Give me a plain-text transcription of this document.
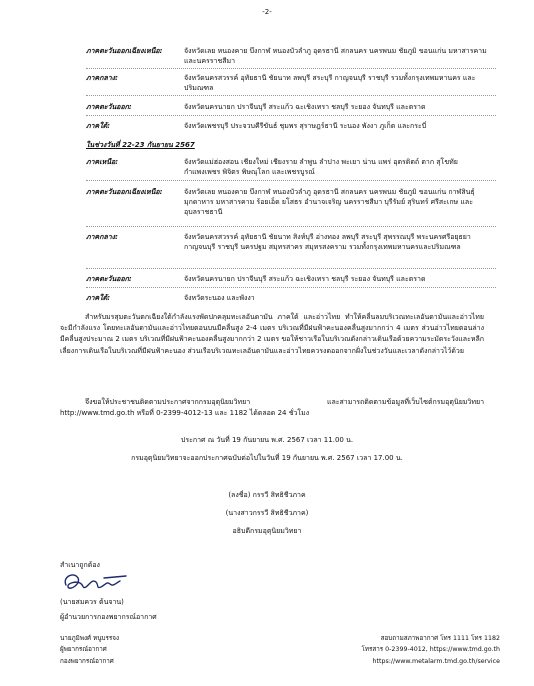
-2-
ภาคตะวันออกเฉียงเหนือ:	จังหวัดเลย หนองคาย บึงกาฬ หนองบัวลำภู อุดรธานี สกลนคร นครพนม ชัยภูมิ ขอนแก่น มหาสารคาม และนครราชสีมา
ภาคกลาง:	จังหวัดนครสวรรค์ อุทัยธานี ชัยนาท ลพบุรี สระบุรี กาญจนบุรี ราชบุรี รวมทั้งกรุงเทพมหานคร และปริมณฑล
ภาคตะวันออก:	จังหวัดนครนายก ปราจีนบุรี สระแก้ว ฉะเชิงเทรา ชลบุรี ระยอง จันทบุรี และตราด
ภาคใต้:	จังหวัดเพชรบุรี ประจวบคีรีขันธ์ ชุมพร สุราษฎร์ธานี ระนอง พังงา ภูเก็ต และกระบี่
ในช่วงวันที่ 22-23 กันยายน 2567
ภาคเหนือ:	จังหวัดแม่ฮ่องสอน เชียงใหม่ เชียงราย ลำพูน ลำปาง พะเยา น่าน แพร่ อุตรดิตถ์ ตาก สุโขทัย กำแพงเพชร พิจิตร พิษณุโลก และเพชรบูรณ์
ภาคตะวันออกเฉียงเหนือ:	จังหวัดเลย หนองคาย บึงกาฬ หนองบัวลำภู อุดรธานี สกลนคร นครพนม ชัยภูมิ ขอนแก่น กาฬสินธุ์ มุกดาหาร มหาสารคาม ร้อยเอ็ด ยโสธร อำนาจเจริญ นครราชสีมา บุรีรัมย์ สุรินทร์ ศรีสะเกษ และอุบลราชธานี
ภาคกลาง:	จังหวัดนครสวรรค์ อุทัยธานี ชัยนาท สิงห์บุรี อ่างทอง ลพบุรี สระบุรี สุพรรณบุรี พระนครศรีอยุธยา กาญจนบุรี ราชบุรี นครปฐม สมุทรสาคร สมุทรสงคราม รวมทั้งกรุงเทพมหานครและปริมณฑล
ภาคตะวันออก:	จังหวัดนครนายก ปราจีนบุรี สระแก้ว ฉะเชิงเทรา ชลบุรี ระยอง จันทบุรี และตราด
ภาคใต้:	จังหวัดระนอง และพังงา
สำหรับมรสุมตะวันตกเฉียงใต้กำลังแรงพัดปกคลุมทะเลอันดามัน ภาคใต้ และอ่าวไทย ทำให้คลื่นลมบริเวณทะเลอันดามันและอ่าวไทยจะมีกำลังแรง โดยทะเลอันดามันและอ่าวไทยตอนบนมีคลื่นสูง 2-4 เมตร บริเวณที่มีฝนฟ้าคะนองคลื่นสูงมากกว่า 4 เมตร ส่วนอ่าวไทยตอนล่างมีคลื่นสูงประมาณ 2 เมตร บริเวณที่มีฝนฟ้าคะนองคลื่นสูงมากกว่า 2 เมตร ขอให้ชาวเรือในบริเวณดังกล่าวเดินเรือด้วยความระมัดระวังและหลีกเลี่ยงการเดินเรือในบริเวณที่มีฝนฟ้าคะนอง ส่วนเรือบริเวณทะเลอันดามันและอ่าวไทยควรงดออกจากฝั่งในช่วงวันและเวลาดังกล่าวไว้ด้วย
จึงขอให้ประชาชนติดตามประกาศจากกรมอุตุนิยมวิทยา และสามารถติดตามข้อมูลที่เว็บไซต์กรมอุตุนิยมวิทยา http://www.tmd.go.th หรือที่ 0-2399-4012-13 และ 1182 ได้ตลอด 24 ชั่วโมง
ประกาศ ณ วันที่ 19 กันยายน พ.ศ. 2567 เวลา 11.00 น.
กรมอุตุนิยมวิทยาจะออกประกาศฉบับต่อไปในวันที่ 19 กันยายน พ.ศ. 2567 เวลา 17.00 น.
(ลงชื่อ) กรรวี สิทธิชีวภาค
(นางสาวกรรวี สิทธิชีวภาค)
อธิบดีกรมอุตุนิยมวิทยา
สำเนาถูกต้อง
(นายสมควร ต้นจาน)
ผู้อำนวยการกองพยากรณ์อากาศ
นายภูมิพงศ์ หนูบรรจง
ผู้พยากรณ์อากาศ
กองพยากรณ์อากาศ
สอบถามสภาพอากาศ โทร 1111 โทร 1182
โทรสาร 0-2399-4012, https://www.tmd.go.th
https://www.metalarm.tmd.go.th/service
